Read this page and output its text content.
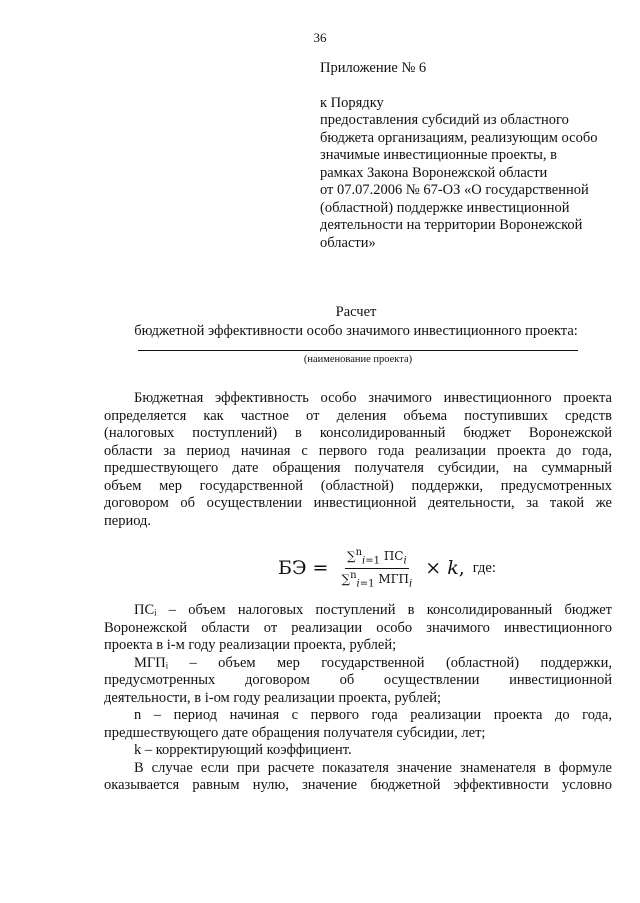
36
Приложение № 6
к Порядку
предоставления субсидий из областного
бюджета организациям, реализующим особо
значимые инвестиционные проекты, в
рамках Закона Воронежской области
от 07.07.2006 № 67-ОЗ «О государственной
(областной) поддержке инвестиционной
деятельности на территории Воронежской
области»
Расчет
бюджетной эффективности особо значимого инвестиционного проекта:
(наименование проекта)
Бюджетная эффективность особо значимого инвестиционного проекта
определяется как частное от деления объема поступивших средств
(налоговых поступлений) в консолидированный бюджет Воронежской
области за период начиная с первого года реализации проекта до года,
предшествующего дате обращения получателя субсидии, на суммарный
объем мер государственной (областной) поддержки, предусмотренных
договором об осуществлении инвестиционной деятельности, за такой же
период.
БЭ = $\frac{\sum^n_{i=1} ПС_i}{\sum^n_{i=1} МГП_i} \times k$ , где:
ПСᵢ – объем налоговых поступлений в консолидированный бюджет
Воронежской области от реализации особо значимого инвестиционного
проекта в i-м году реализации проекта, рублей;
МГПᵢ – объем мер государственной (областной) поддержки,
предусмотренных договором об осуществлении инвестиционной
деятельности, в i-ом году реализации проекта, рублей;
n – период начиная с первого года реализации проекта до года,
предшествующего дате обращения получателя субсидии, лет;
k – корректирующий коэффициент.
В случае если при расчете показателя значение знаменателя в формуле
оказывается равным нулю, значение бюджетной эффективности условно
